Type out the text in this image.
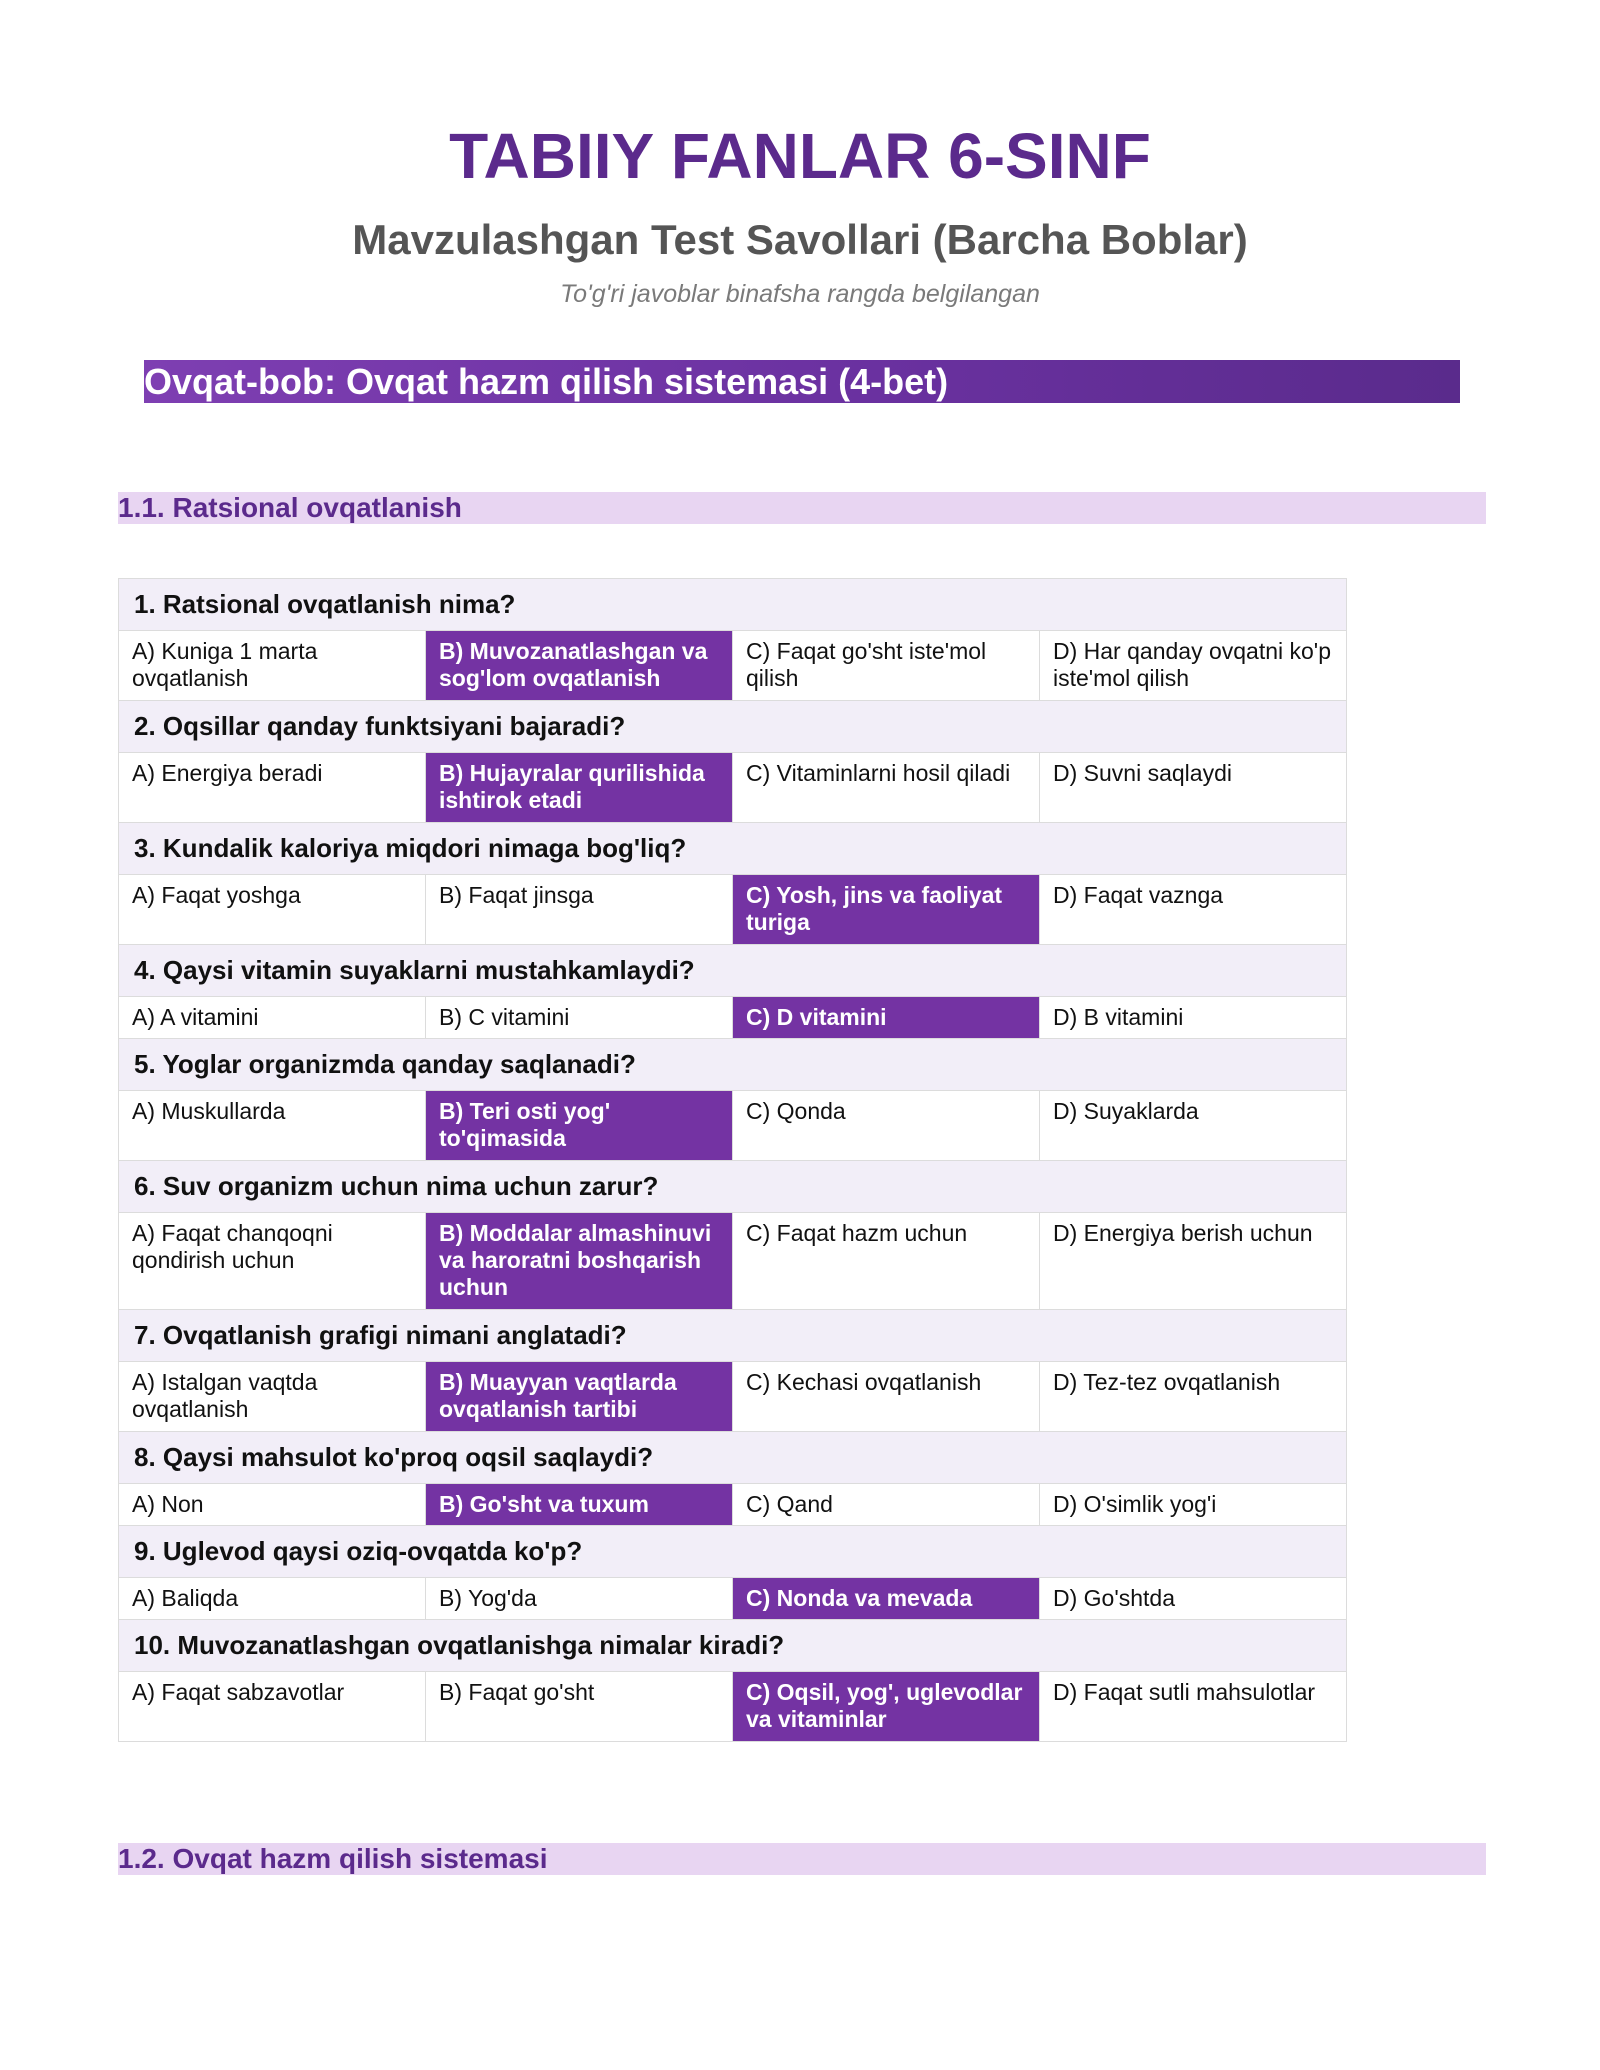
TABIIY FANLAR 6-SINF
Mavzulashgan Test Savollari (Barcha Boblar)
To'g'ri javoblar binafsha rangda belgilangan
Ovqat-bob: Ovqat hazm qilish sistemasi (4-bet)
1.1. Ratsional ovqatlanish
1. Ratsional ovqatlanish nima?			
A) Kuniga 1 marta ovqatlanish	B) Muvozanatlashgan va sog'lom ovqatlanish	C) Faqat go'sht iste'mol qilish	D) Har qanday ovqatni ko'p iste'mol qilish
2. Oqsillar qanday funktsiyani bajaradi?			
A) Energiya beradi	B) Hujayralar qurilishida ishtirok etadi	C) Vitaminlarni hosil qiladi	D) Suvni saqlaydi
3. Kundalik kaloriya miqdori nimaga bog'liq?			
A) Faqat yoshga	B) Faqat jinsga	C) Yosh, jins va faoliyat turiga	D) Faqat vaznga
4. Qaysi vitamin suyaklarni mustahkamlaydi?			
A) A vitamini	B) C vitamini	C) D vitamini	D) B vitamini
5. Yoglar organizmda qanday saqlanadi?			
A) Muskullarda	B) Teri osti yog' to'qimasida	C) Qonda	D) Suyaklarda
6. Suv organizm uchun nima uchun zarur?			
A) Faqat chanqoqni qondirish uchun	B) Moddalar almashinuvi va haroratni boshqarish uchun	C) Faqat hazm uchun	D) Energiya berish uchun
7. Ovqatlanish grafigi nimani anglatadi?			
A) Istalgan vaqtda ovqatlanish	B) Muayyan vaqtlarda ovqatlanish tartibi	C) Kechasi ovqatlanish	D) Tez-tez ovqatlanish
8. Qaysi mahsulot ko'proq oqsil saqlaydi?			
A) Non	B) Go'sht va tuxum	C) Qand	D) O'simlik yog'i
9. Uglevod qaysi oziq-ovqatda ko'p?			
A) Baliqda	B) Yog'da	C) Nonda va mevada	D) Go'shtda
10. Muvozanatlashgan ovqatlanishga nimalar kiradi?			
A) Faqat sabzavotlar	B) Faqat go'sht	C) Oqsil, yog', uglevodlar va vitaminlar	D) Faqat sutli mahsulotlar
1.2. Ovqat hazm qilish sistemasi
